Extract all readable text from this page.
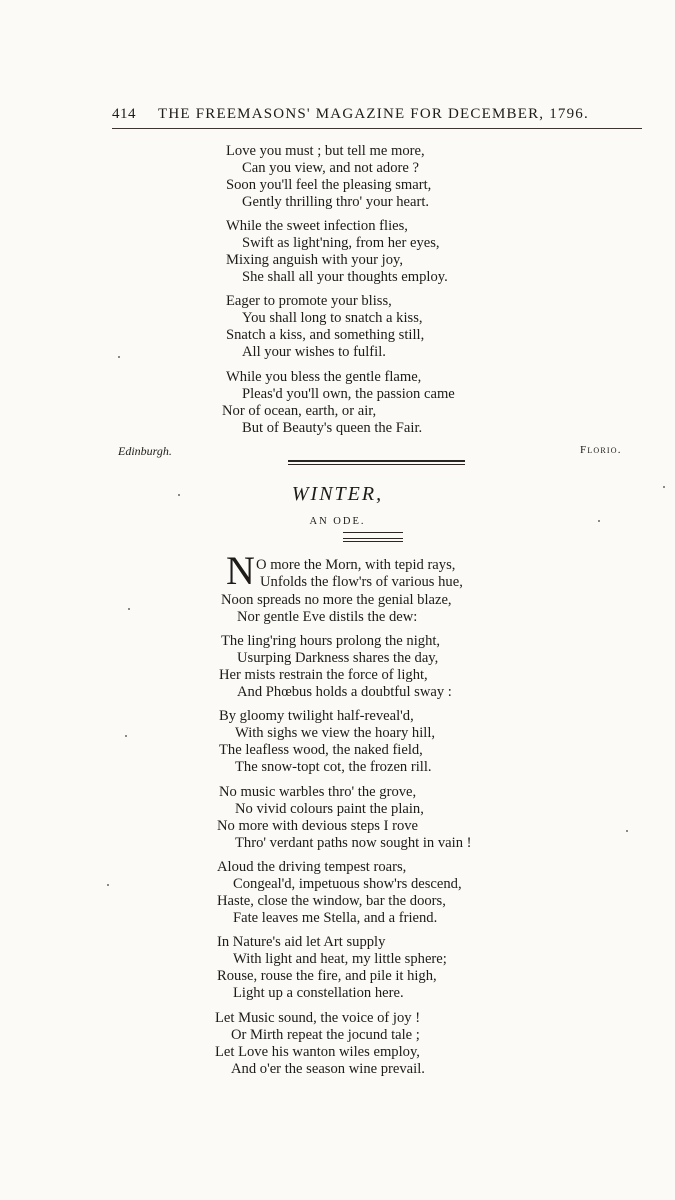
414 THE FREEMASONS' MAGAZINE FOR DECEMBER, 1796.
Love you must ; but tell me more,
Can you view, and not adore ?
Soon you'll feel the pleasing smart,
Gently thrilling thro' your heart.
While the sweet infection flies,
Swift as light'ning, from her eyes,
Mixing anguish with your joy,
She shall all your thoughts employ.
Eager to promote your bliss,
You shall long to snatch a kiss,
Snatch a kiss, and something still,
All your wishes to fulfil.
While you bless the gentle flame,
Pleas'd you'll own, the passion came
Nor of ocean, earth, or air,
But of Beauty's queen the Fair.
Edinburgh.	Florio.
WINTER,
AN ODE.
N O more the Morn, with tepid rays,
Unfolds the flow'rs of various hue,
Noon spreads no more the genial blaze,
Nor gentle Eve distils the dew:
The ling'ring hours prolong the night,
Usurping Darkness shares the day,
Her mists restrain the force of light,
And Phœbus holds a doubtful sway :
By gloomy twilight half-reveal'd,
With sighs we view the hoary hill,
The leafless wood, the naked field,
The snow-topt cot, the frozen rill.
No music warbles thro' the grove,
No vivid colours paint the plain,
No more with devious steps I rove
Thro' verdant paths now sought in vain !
Aloud the driving tempest roars,
Congeal'd, impetuous show'rs descend,
Haste, close the window, bar the doors,
Fate leaves me Stella, and a friend.
In Nature's aid let Art supply
With light and heat, my little sphere;
Rouse, rouse the fire, and pile it high,
Light up a constellation here.
Let Music sound, the voice of joy !
Or Mirth repeat the jocund tale ;
Let Love his wanton wiles employ,
And o'er the season wine prevail.
